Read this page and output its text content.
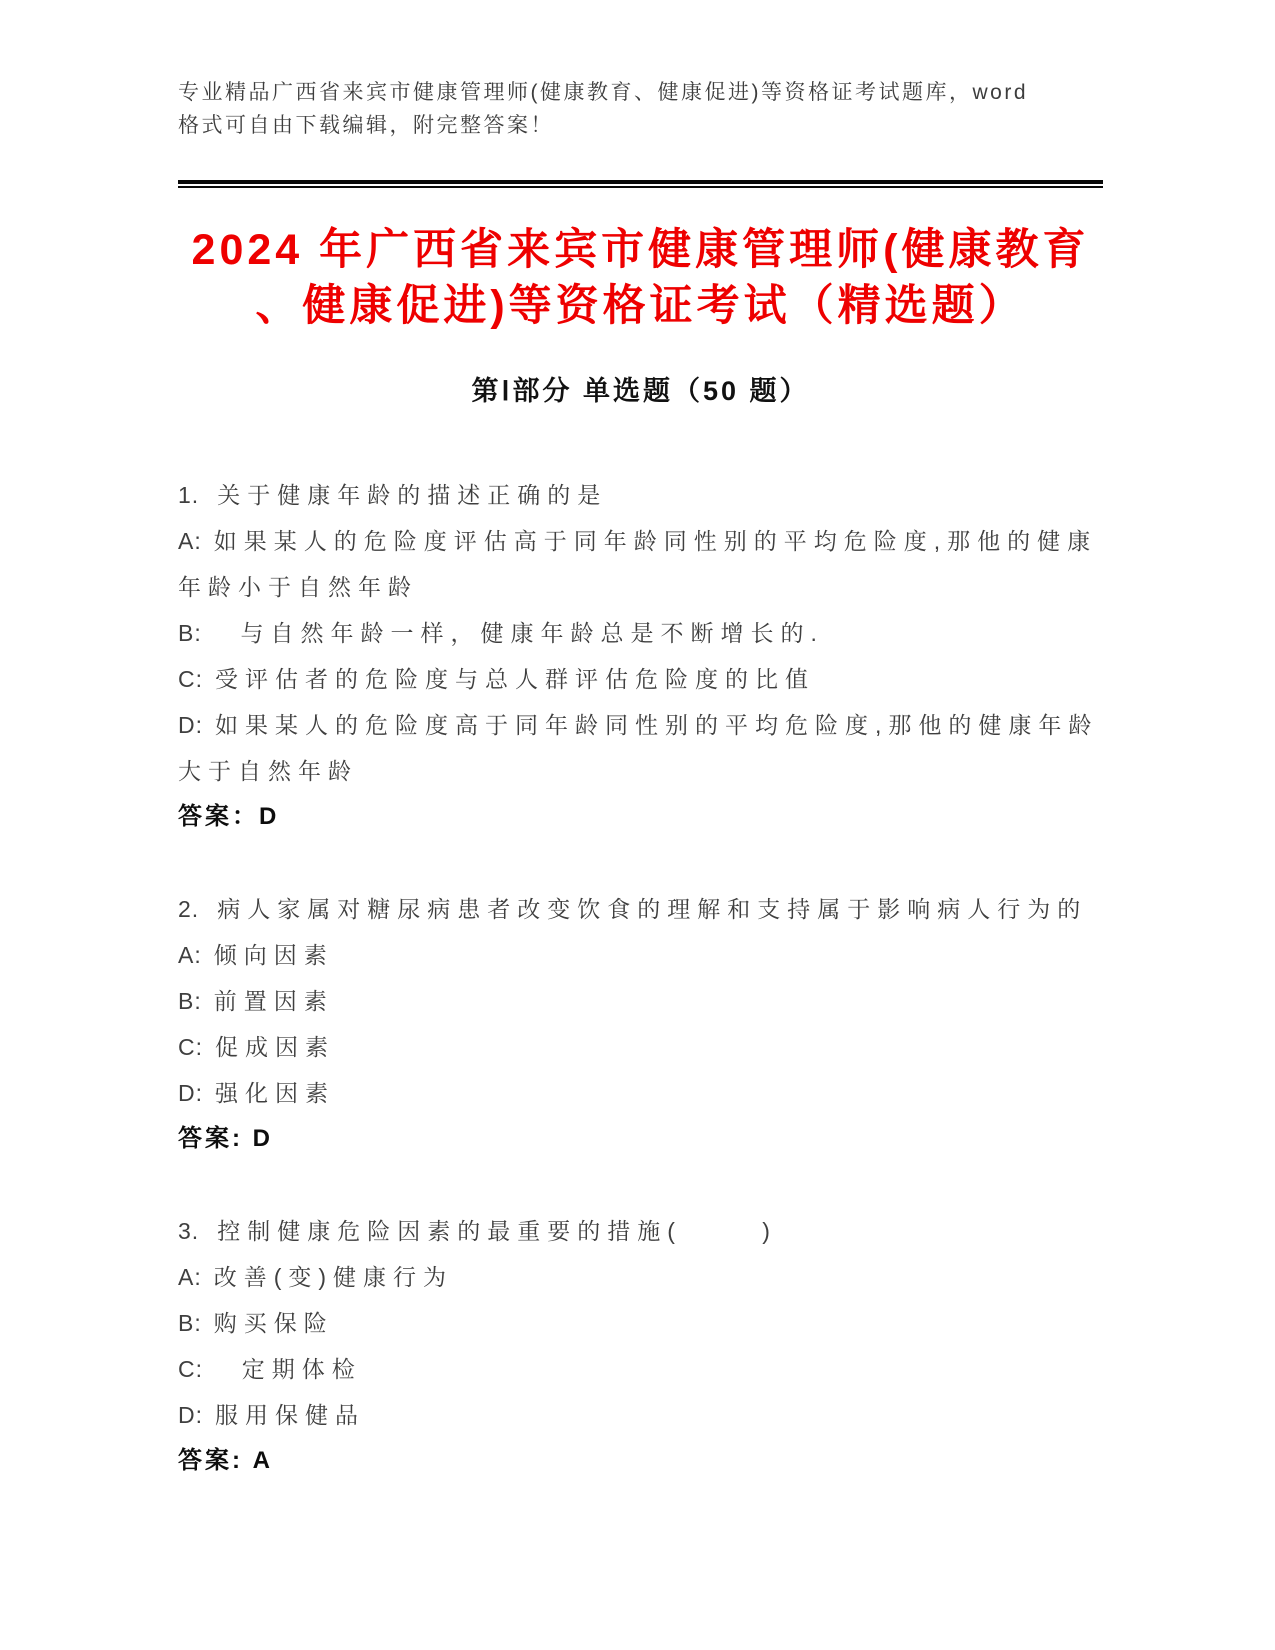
专业精品广西省来宾市健康管理师(健康教育、健康促进)等资格证考试题库，word
格式可自由下载编辑，附完整答案！
2024 年广西省来宾市健康管理师(健康教育
、健康促进)等资格证考试（精选题）
第Ⅰ部分 单选题（50 题）
1. 关于健康年龄的描述正确的是
A: 如果某人的危险度评估高于同年龄同性别的平均危险度,那他的健康年龄小于自然年龄
B:  与自然年龄一样，健康年龄总是不断增长的.
C: 受评估者的危险度与总人群评估危险度的比值
D: 如果某人的危险度高于同年龄同性别的平均危险度,那他的健康年龄大于自然年龄
答案：D
2. 病人家属对糖尿病患者改变饮食的理解和支持属于影响病人行为的
A: 倾向因素
B: 前置因素
C: 促成因素
D: 强化因素
答案: D
3. 控制健康危险因素的最重要的措施(      )
A: 改善(变)健康行为
B: 购买保险
C:  定期体检
D: 服用保健品
答案: A
